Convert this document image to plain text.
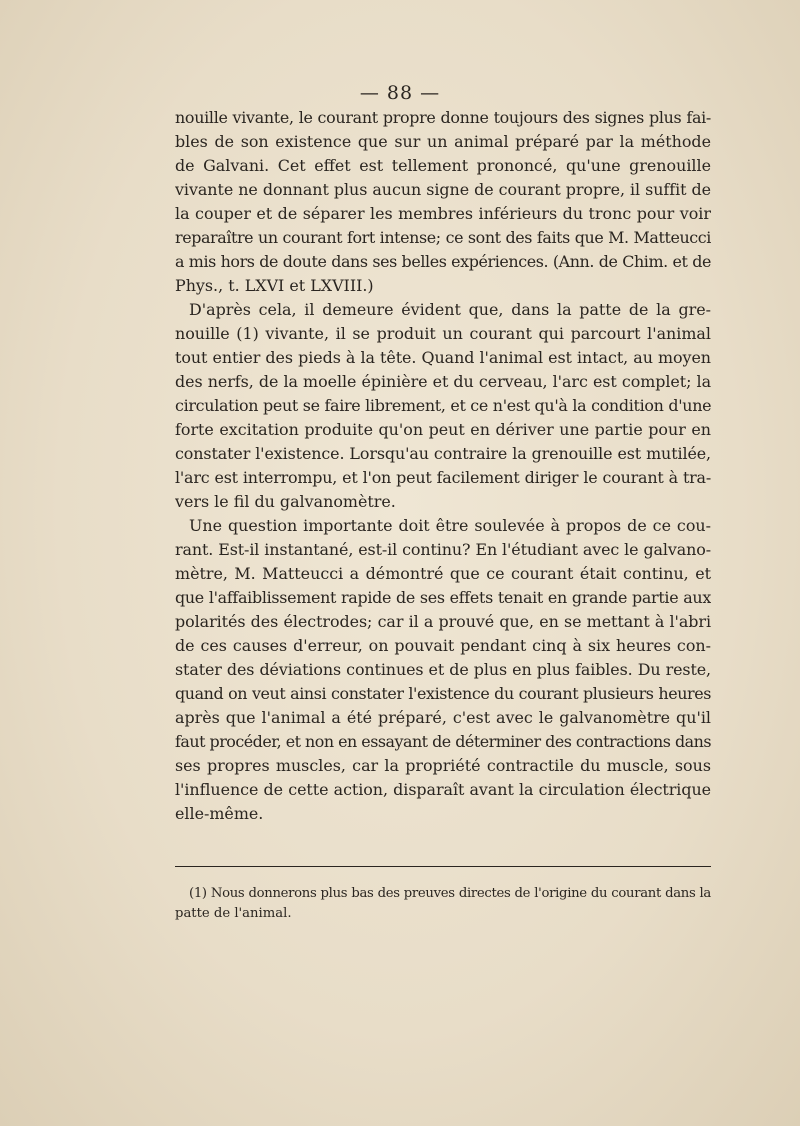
— 88 —
nouille vivante, le courant propre donne toujours des signes plus fai-
bles de son existence que sur un animal préparé par la méthode
de Galvani. Cet effet est tellement prononcé, qu'une grenouille
vivante ne donnant plus aucun signe de courant propre, il suffit de
la couper et de séparer les membres inférieurs du tronc pour voir
reparaître un courant fort intense; ce sont des faits que M. Matteucci
a mis hors de doute dans ses belles expériences. (Ann. de Chim. et de
Phys., t. LXVI et LXVIII.)
D'après cela, il demeure évident que, dans la patte de la gre-
nouille (1) vivante, il se produit un courant qui parcourt l'animal
tout entier des pieds à la tête. Quand l'animal est intact, au moyen
des nerfs, de la moelle épinière et du cerveau, l'arc est complet; la
circulation peut se faire librement, et ce n'est qu'à la condition d'une
forte excitation produite qu'on peut en dériver une partie pour en
constater l'existence. Lorsqu'au contraire la grenouille est mutilée,
l'arc est interrompu, et l'on peut facilement diriger le courant à tra-
vers le fil du galvanomètre.
Une question importante doit être soulevée à propos de ce cou-
rant. Est-il instantané, est-il continu? En l'étudiant avec le galvano-
mètre, M. Matteucci a démontré que ce courant était continu, et
que l'affaiblissement rapide de ses effets tenait en grande partie aux
polarités des électrodes; car il a prouvé que, en se mettant à l'abri
de ces causes d'erreur, on pouvait pendant cinq à six heures con-
stater des déviations continues et de plus en plus faibles. Du reste,
quand on veut ainsi constater l'existence du courant plusieurs heures
après que l'animal a été préparé, c'est avec le galvanomètre qu'il
faut procéder, et non en essayant de déterminer des contractions dans
ses propres muscles, car la propriété contractile du muscle, sous
l'influence de cette action, disparaît avant la circulation électrique
elle-même.
(1) Nous donnerons plus bas des preuves directes de l'origine du courant dans la
patte de l'animal.
